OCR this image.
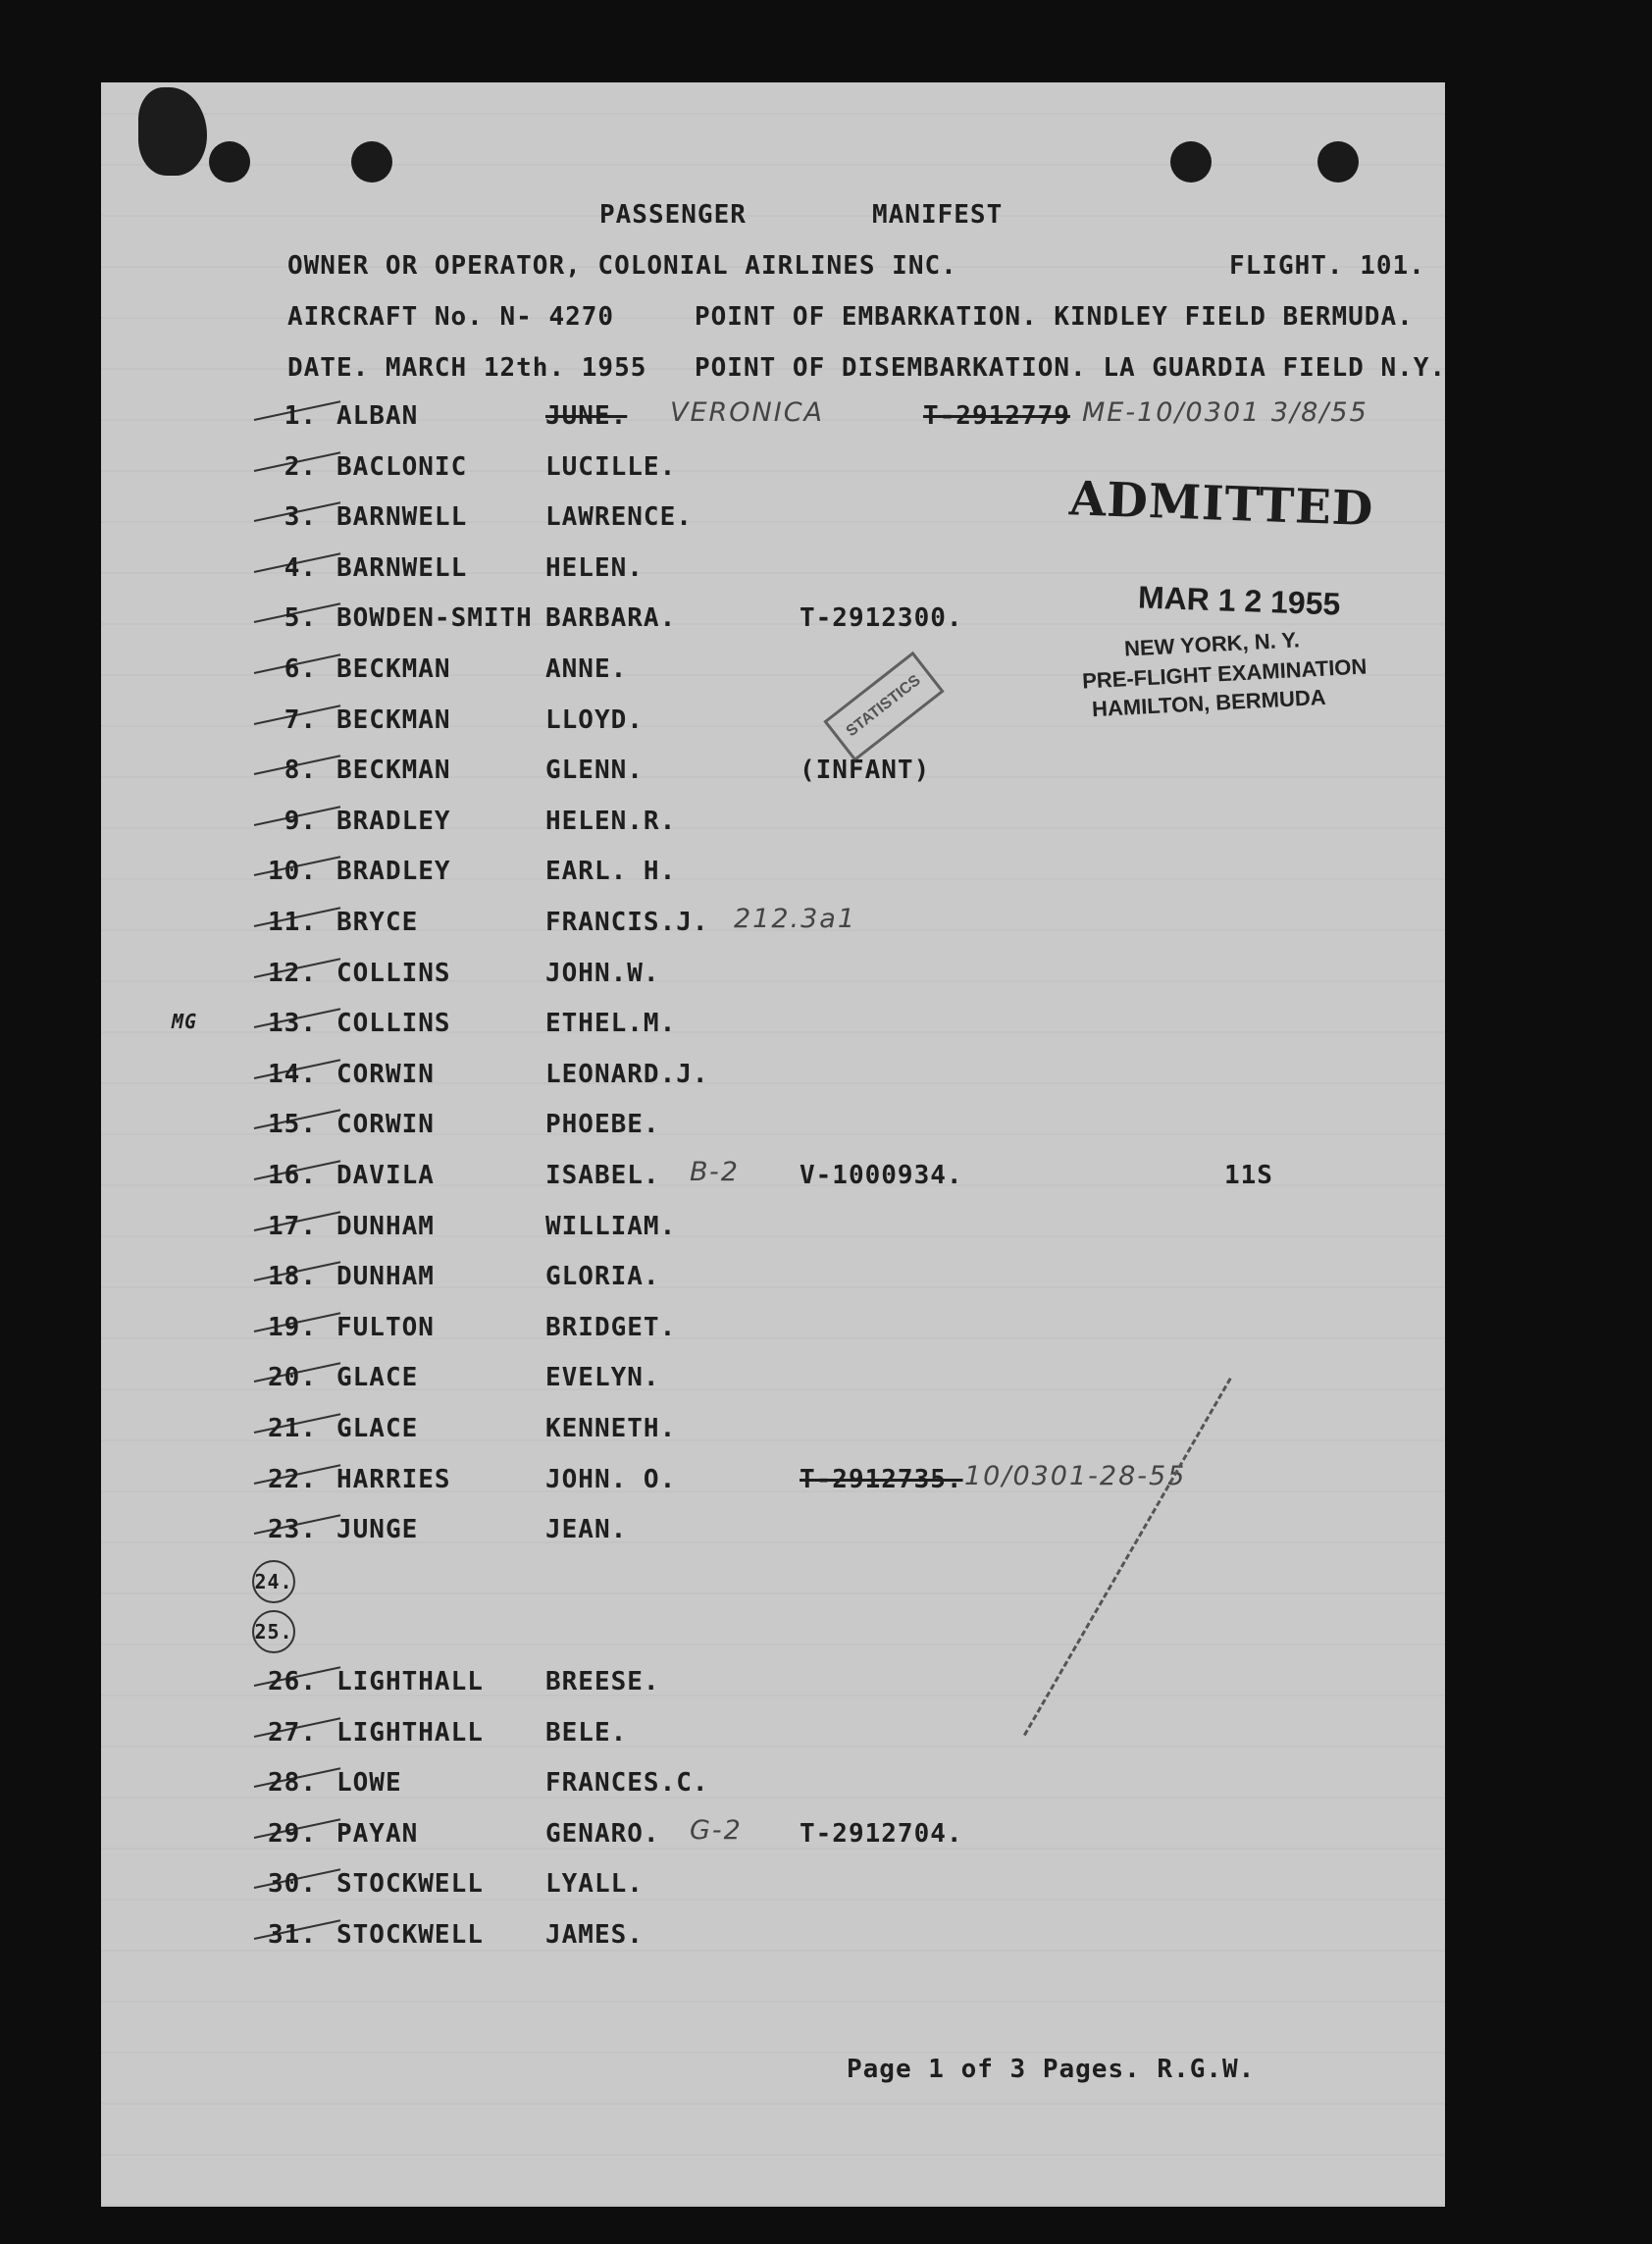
PASSENGER	MANIFEST
OWNER OR OPERATOR, COLONIAL AIRLINES INC.	FLIGHT. 101.
AIRCRAFT No. N- 4270	POINT OF EMBARKATION. KINDLEY FIELD BERMUDA.
DATE. MARCH 12th. 1955 POINT OF DISEMBARKATION. LA GUARDIA FIELD N.Y.
1. ALBAN	JUNE. VERONICA	T-2912779 ME-10/0301 3/8/55
2. BACLONIC	LUCILLE.
3. BARNWELL	LAWRENCE.
4. BARNWELL	HELEN.
5. BOWDEN-SMITH BARBARA.	T-2912300.
6. BECKMAN	ANNE.
7. BECKMAN	LLOYD.
8. BECKMAN	GLENN.	(INFANT)
9. BRADLEY	HELEN.R.
10. BRADLEY	EARL. H.
11. BRYCE	FRANCIS.J. 212.3a1
12. COLLINS	JOHN.W.
13. COLLINS	ETHEL.M.
14. CORWIN	LEONARD.J.
15. CORWIN	PHOEBE.
16. DAVILA	ISABEL. B-2 V-1000934.	11S
17. DUNHAM	WILLIAM.
18. DUNHAM	GLORIA.
19. FULTON	BRIDGET.
20. GLACE	EVELYN.
21. GLACE	KENNETH.
22. HARRIES	JOHN. O.	T-2912735. 10/0301-28-55
23. JUNGE	JEAN.
24.
25.
26. LIGHTHALL BREESE.
27. LIGHTHALL BELE.
28. LOWE	FRANCES.C.
29. PAYAN	GENARO. G-2 T-2912704.
30. STOCKWELL LYALL.
31. STOCKWELL JAMES.
MG
ADMITTED
MAR 1 2 1955
NEW YORK, N. Y.
PRE-FLIGHT EXAMINATION
HAMILTON, BERMUDA
STATISTICS
Page 1 of 3 Pages. R.G.W.
